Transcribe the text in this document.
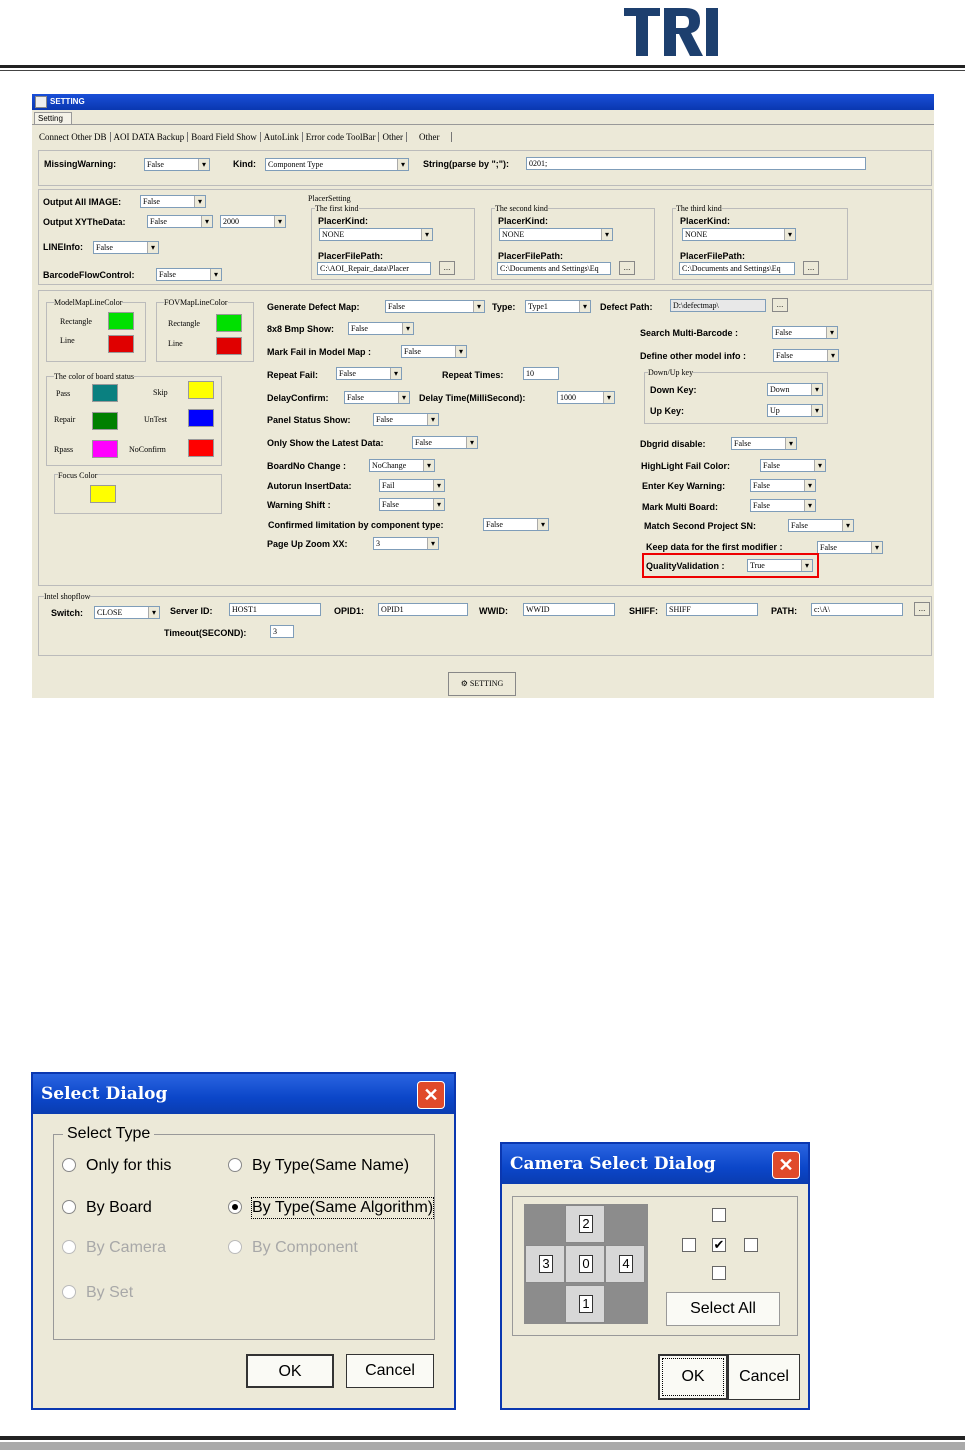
SETTING
Setting
Connect Other DB AOI DATA Backup Board Field Show AutoLink Error code ToolBar Other Other
MissingWarning:	False ▾	Kind:	Component Type ▾	String(parse by ";"):	0201;
Output All IMAGE:	False ▾
Output XYTheData:	False ▾	2000 ▾
LINEInfo:	False ▾
BarcodeFlowControl:	False ▾
PlacerSetting
The first kind
PlacerKind:
NONE ▾
PlacerFilePath:
C:\AOI_Repair_data\Placer	...
The second kind
PlacerKind:
NONE ▾
PlacerFilePath:
C:\Documents and Settings\Eq	...
The third kind
PlacerKind:
NONE ▾
PlacerFilePath:
C:\Documents and Settings\Eq	...
ModelMapLineColor
Rectangle
Line
FOVMapLineColor
Rectangle
Line
The color of board status
Pass	Skip
Repair	UnTest
Rpass	NoConfirm
Focus Color
Generate Defect Map:	False ▾	Type:	Type1 ▾	Defect Path:	D:\defectmap\	...
8x8 Bmp Show:	False ▾
Mark Fail in Model Map :	False ▾
Repeat Fail:	False ▾	Repeat Times:	10
DelayConfirm:	False ▾	Delay Time(MilliSecond):	1000 ▾
Panel Status Show:	False ▾
Only Show the Latest Data:	False ▾
BoardNo Change :	NoChange ▾
Autorun InsertData:	Fail ▾
Warning Shift :	False ▾
Confirmed limitation by component type:	False ▾
Page Up Zoom XX:	3 ▾
Search Multi-Barcode :	False ▾
Define other model info :	False ▾
Down/Up key
Down Key:	Down ▾
Up Key:	Up ▾
Dbgrid disable:	False ▾
HighLight Fail Color:	False ▾
Enter Key Warning:	False ▾
Mark Multi Board:	False ▾
Match Second Project SN:	False ▾
Keep data for the first modifier :	False ▾
QualityValidation :	True ▾
Intel shopflow
Switch:	CLOSE ▾	Server ID:	HOST1	OPID1:	OPID1	WWID:	WWID	SHIFF:	SHIFF	PATH:	c:\A\	...
Timeout(SECOND):	3
⚙ SETTING
Select Dialog	✕
Select Type
Only for this	By Type(Same Name)
By Board	By Type(Same Algorithm)
By Camera	By Component
By Set
OK	Cancel
Camera Select Dialog	✕
2
3	0	4
1
✔
Select All
OK	Cancel
